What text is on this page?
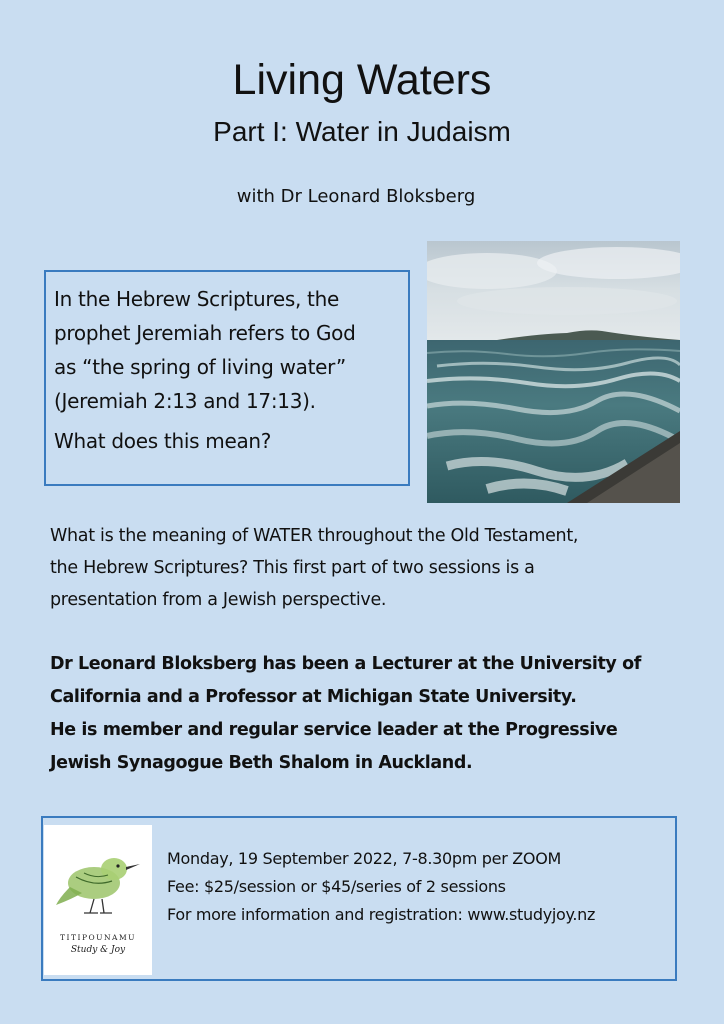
Living Waters
Part I: Water in Judaism
with Dr Leonard Bloksberg

In the Hebrew Scriptures, the

prophet Jeremiah refers to God

as “the spring of living water”

(Jeremiah 2:13 and 17:13).

What does this mean?

What is the meaning of WATER throughout the Old Testament,
the Hebrew Scriptures? This first part of two sessions is a
presentation from a Jewish perspective.
Dr Leonard Bloksberg has been a Lecturer at the University of
California and a Professor at Michigan State University.
He is member and regular service leader at the Progressive
Jewish Synagogue Beth Shalom in Auckland.
TITIPOUNAMU
Study & Joy
Monday, 19 September 2022, 7-8.30pm per ZOOM
Fee: $25/session or $45/series of 2 sessions
For more information and registration: www.studyjoy.nz
